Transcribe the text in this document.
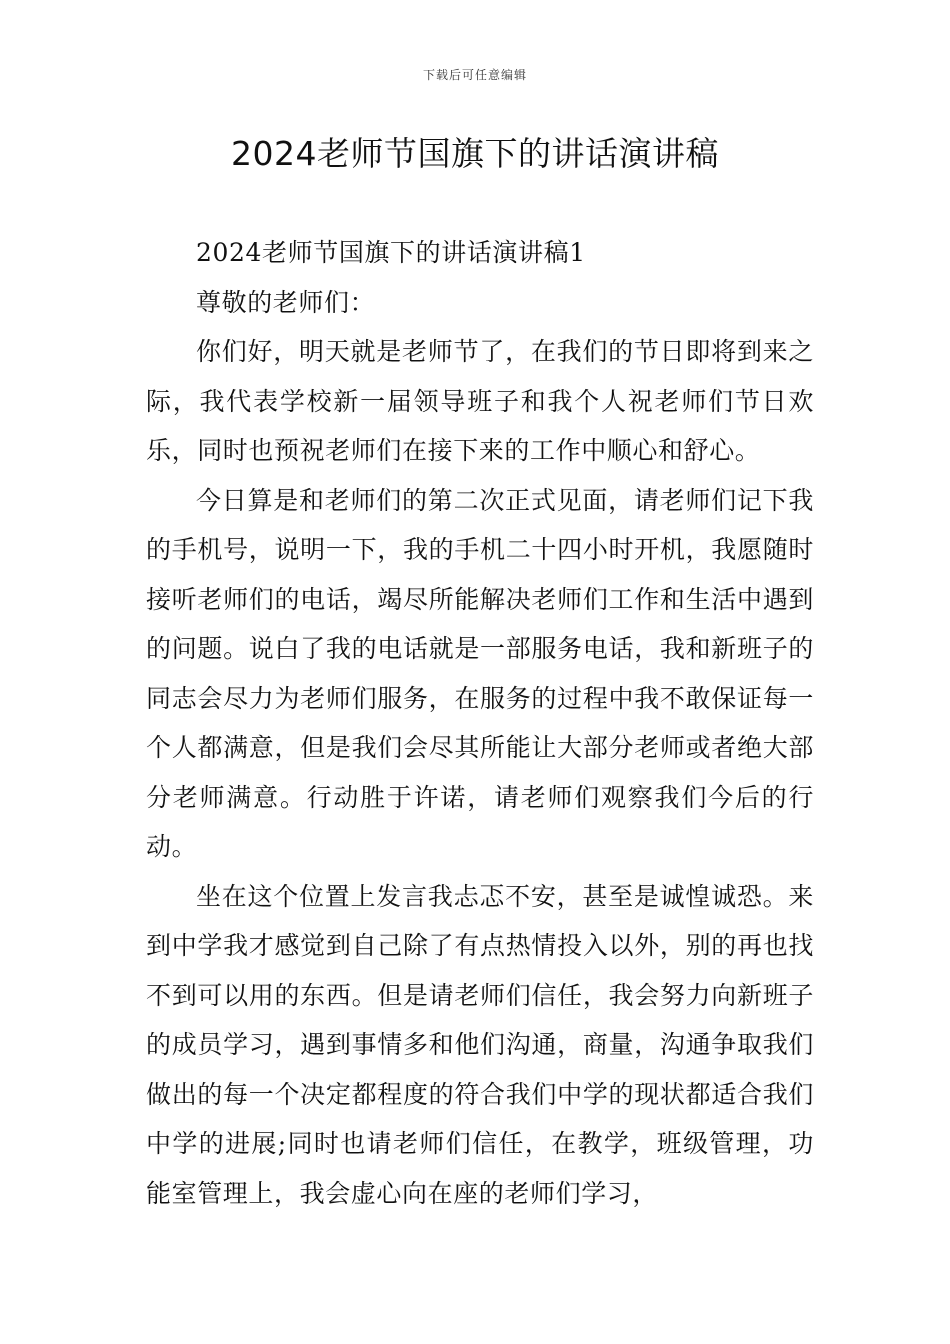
下载后可任意编辑
2024老师节国旗下的讲话演讲稿

2024老师节国旗下的讲话演讲稿1

尊敬的老师们：

你们好，明天就是老师节了，在我们的节日即将到来之际，我代表学校新一届领导班子和我个人祝老师们节日欢乐，同时也预祝老师们在接下来的工作中顺心和舒心。

今日算是和老师们的第二次正式见面，请老师们记下我的手机号，说明一下，我的手机二十四小时开机，我愿随时接听老师们的电话，竭尽所能解决老师们工作和生活中遇到的问题。说白了我的电话就是一部服务电话，我和新班子的同志会尽力为老师们服务，在服务的过程中我不敢保证每一个人都满意，但是我们会尽其所能让大部分老师或者绝大部分老师满意。行动胜于许诺，请老师们观察我们今后的行动。

坐在这个位置上发言我忐忑不安，甚至是诚惶诚恐。来到中学我才感觉到自己除了有点热情投入以外，别的再也找不到可以用的东西。但是请老师们信任，我会努力向新班子的成员学习，遇到事情多和他们沟通，商量，沟通争取我们做出的每一个决定都程度的符合我们中学的现状都适合我们中学的进展;同时也请老师们信任，在教学，班级管理，功能室管理上，我会虚心向在座的老师们学习，
